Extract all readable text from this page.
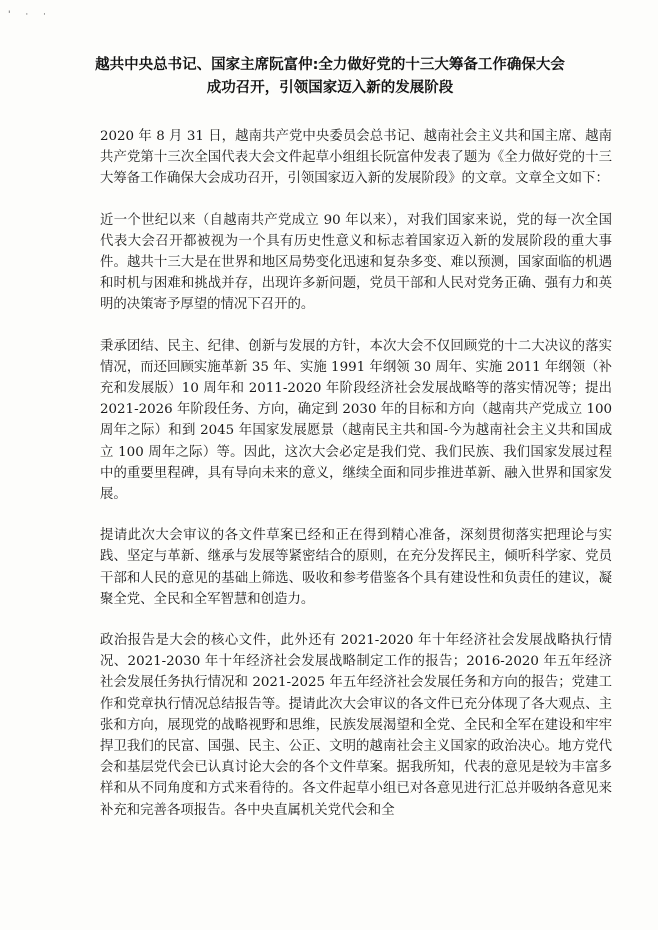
' · ·
越共中央总书记、国家主席阮富仲:全力做好党的十三大筹备工作确保大会
成功召开，引领国家迈入新的发展阶段

2020 年 8 月 31 日，越南共产党中央委员会总书记、越南社会主义共和国主席、越南共产党第十三次全国代表大会文件起草小组组长阮富仲发表了题为《全力做好党的十三大筹备工作确保大会成功召开，引领国家迈入新的发展阶段》的文章。文章全文如下：

近一个世纪以来（自越南共产党成立 90 年以来），对我们国家来说，党的每一次全国代表大会召开都被视为一个具有历史性意义和标志着国家迈入新的发展阶段的重大事件。越共十三大是在世界和地区局势变化迅速和复杂多变、难以预测，国家面临的机遇和时机与困难和挑战并存，出现许多新问题，党员干部和人民对党务正确、强有力和英明的决策寄予厚望的情况下召开的。

秉承团结、民主、纪律、创新与发展的方针，本次大会不仅回顾党的十二大决议的落实情况，而还回顾实施革新 35 年、实施 1991 年纲领 30 周年、实施 2011 年纲领（补充和发展版）10 周年和 2011-2020 年阶段经济社会发展战略等的落实情况等；提出 2021-2026 年阶段任务、方向，确定到 2030 年的目标和方向（越南共产党成立 100 周年之际）和到 2045 年国家发展愿景（越南民主共和国-今为越南社会主义共和国成立 100 周年之际）等。因此，这次大会必定是我们党、我们民族、我们国家发展过程中的重要里程碑，具有导向未来的意义，继续全面和同步推进革新、融入世界和国家发展。

提请此次大会审议的各文件草案已经和正在得到精心准备，深刻贯彻落实把理论与实践、坚定与革新、继承与发展等紧密结合的原则，在充分发挥民主，倾听科学家、党员干部和人民的意见的基础上筛选、吸收和参考借鉴各个具有建设性和负责任的建议，凝聚全党、全民和全军智慧和创造力。

政治报告是大会的核心文件，此外还有 2021-2020 年十年经济社会发展战略执行情况、2021-2030 年十年经济社会发展战略制定工作的报告；2016-2020 年五年经济社会发展任务执行情况和 2021-2025 年五年经济社会发展任务和方向的报告；党建工作和党章执行情况总结报告等。提请此次大会审议的各文件已充分体现了各大观点、主张和方向，展现党的战略视野和思维，民族发展渴望和全党、全民和全军在建设和牢牢捍卫我们的民富、国强、民主、公正、文明的越南社会主义国家的政治决心。地方党代会和基层党代会已认真讨论大会的各个文件草案。据我所知，代表的意见是较为丰富多样和从不同角度和方式来看待的。各文件起草小组已对各意见进行汇总并吸纳各意见来补充和完善各项报告。各中央直属机关党代会和全
